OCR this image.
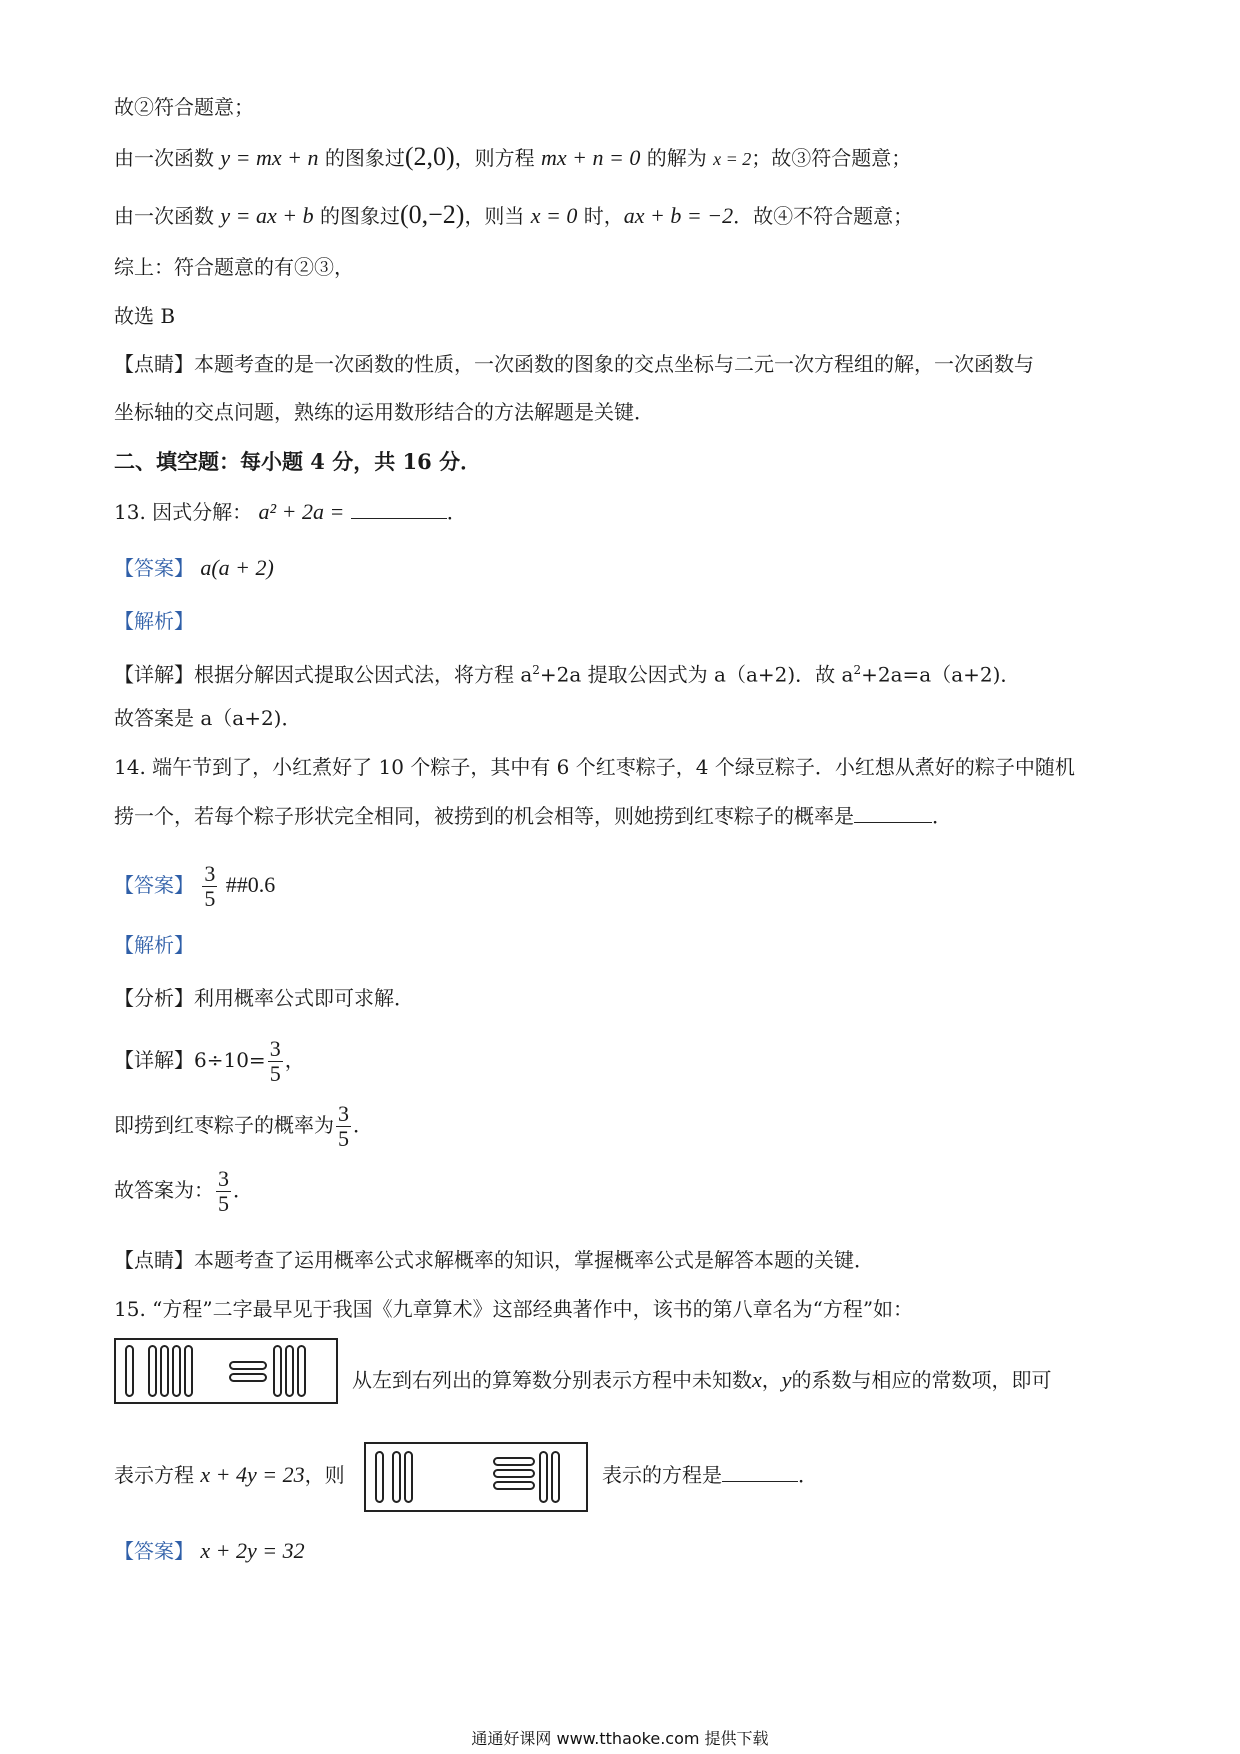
故②符合题意；
由一次函数 y = mx + n 的图象过(2,0)，则方程 mx + n = 0 的解为 x = 2；故③符合题意；
由一次函数 y = ax + b 的图象过(0,−2)，则当 x = 0 时，ax + b = −2．故④不符合题意；
综上：符合题意的有②③，
故选 B
【点睛】本题考查的是一次函数的性质，一次函数的图象的交点坐标与二元一次方程组的解，一次函数与
坐标轴的交点问题，熟练的运用数形结合的方法解题是关键．
二、填空题：每小题 4 分，共 16 分．
13. 因式分解： a² + 2a =	．
【答案】 a(a + 2)
【解析】
【详解】根据分解因式提取公因式法，将方程 $a^2+2a$ 提取公因式为 a（a+2)．故 $a^2+2a=a(a+2)$．
故答案是 a（a+2)．
14. 端午节到了，小红煮好了 10 个粽子，其中有 6 个红枣粽子，4 个绿豆粽子．小红想从煮好的粽子中随机
捞一个，若每个粽子形状完全相同，被捞到的机会相等，则她捞到红枣粽子的概率是	．
【答案】 $\frac{3}{5}$ ##0.6
【解析】
【分析】利用概率公式即可求解．
【详解】$6\div 10= \frac{3}{5}$ ，
即捞到红枣粽子的概率为 $\frac{3}{5}$ ．
故答案为： $\frac{3}{5}$ ．
【点睛】本题考查了运用概率公式求解概率的知识，掌握概率公式是解答本题的关键．
15. “方程”二字最早见于我国《九章算术》这部经典著作中，该书的第八章名为“方程”如：
从左到右列出的算筹数分别表示方程中未知数x，y的系数与相应的常数项，即可
表示方程 x + 4y = 23，则	表示的方程是	．
【答案】 x + 2y = 32
通通好课网 www.tthaoke.com 提供下载
